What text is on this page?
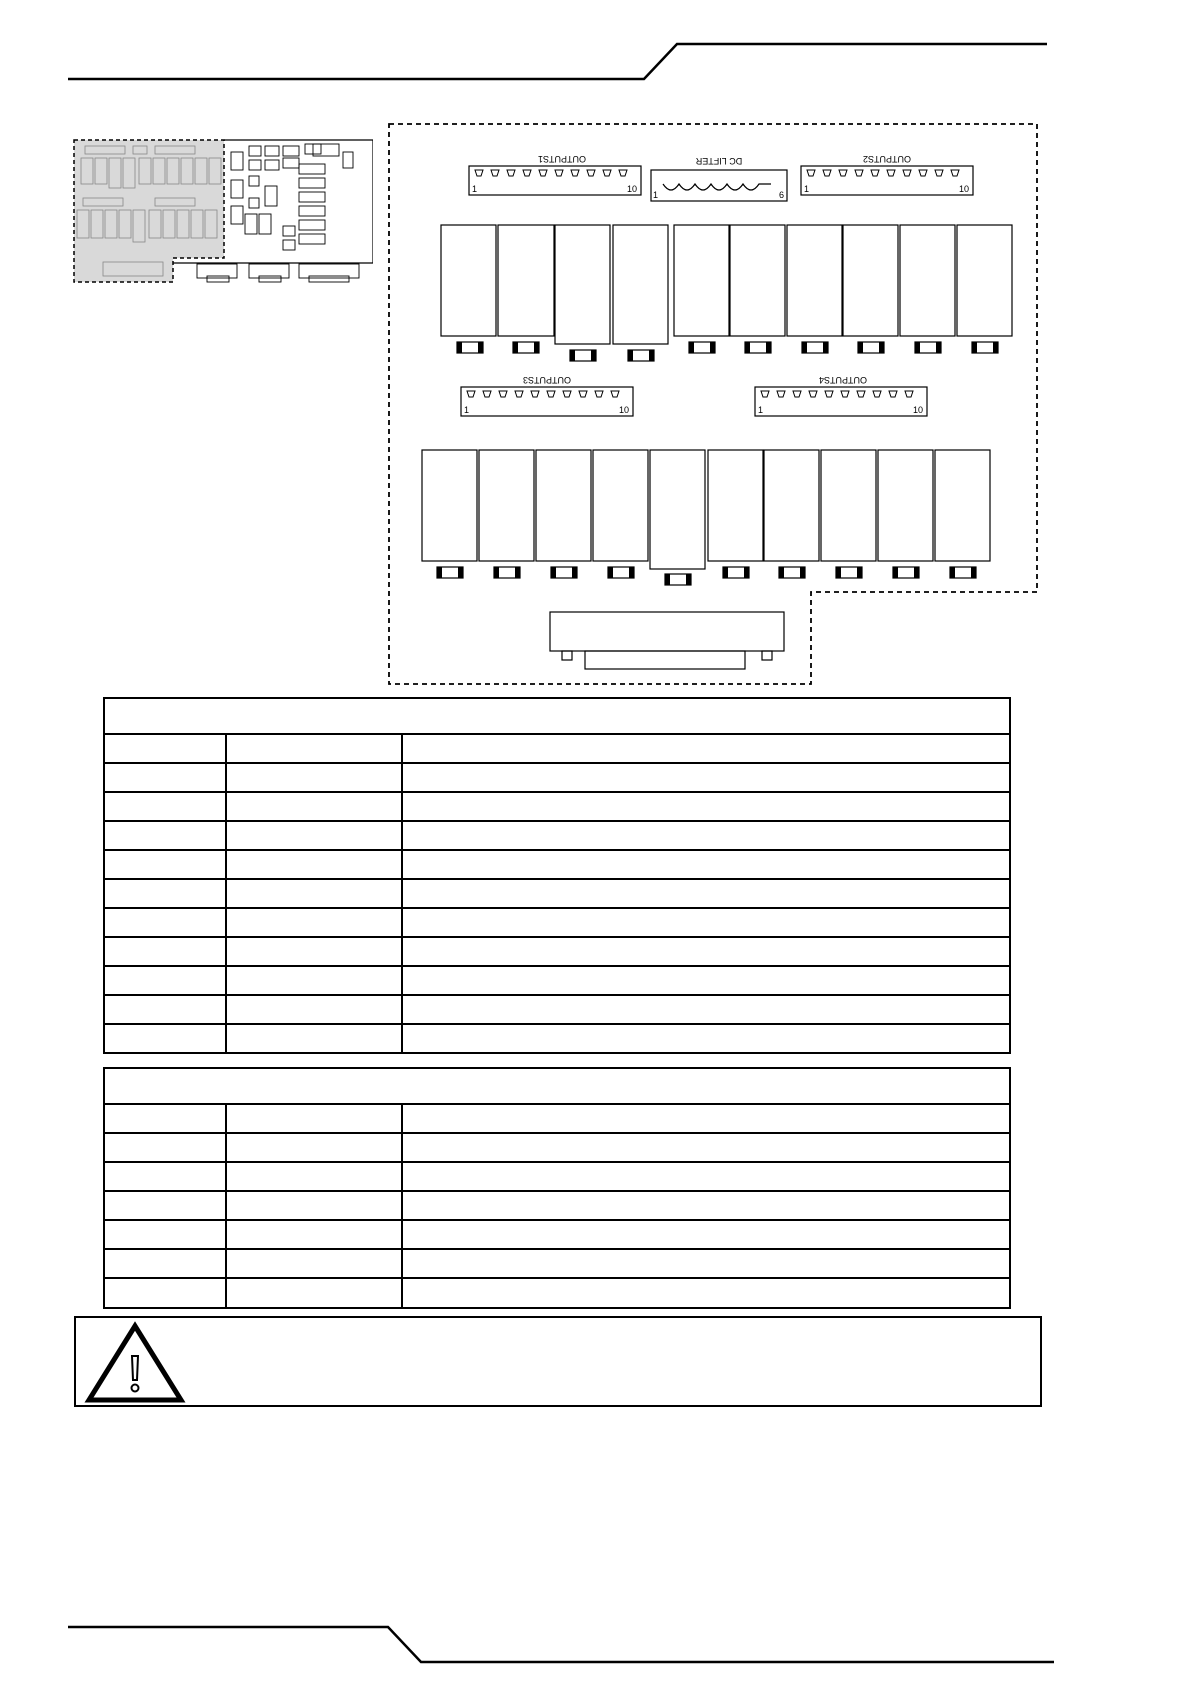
OUTPUTS1
1	10
DC LIFTER
1	6
OUTPUTS2
1	10
OUTPUTS3
1	10
OUTPUTS4
1	10
